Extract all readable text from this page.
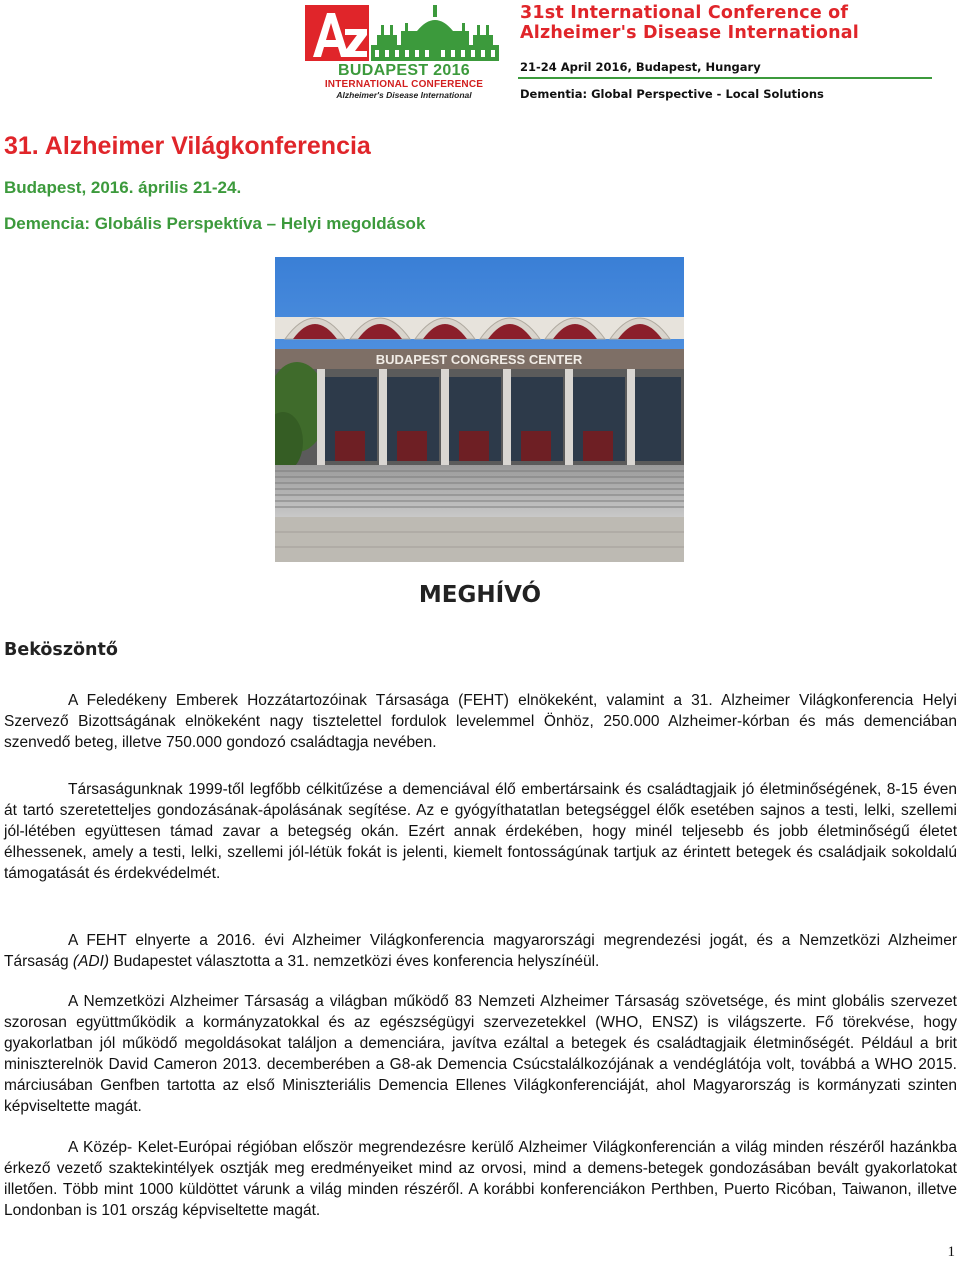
BUDAPEST 2016
INTERNATIONAL CONFERENCE
Alzheimer's Disease International
31st International Conference of
Alzheimer's Disease International
21-24 April 2016, Budapest, Hungary
Dementia: Global Perspective - Local Solutions
31. Alzheimer Világkonferencia
Budapest, 2016. április 21-24.
Demencia: Globális Perspektíva – Helyi megoldások
BUDAPEST CONGRESS CENTER
MEGHÍVÓ
Beköszöntő

A Feledékeny Emberek Hozzátartozóinak Társasága (FEHT) elnökeként, valamint a 31. Alzheimer Világkonferencia Helyi Szervező Bizottságának elnökeként nagy tisztelettel fordulok levelemmel Önhöz, 250.000 Alzheimer-kórban és más demenciában szenvedő beteg, illetve 750.000 gondozó családtagja nevében.

Társaságunknak 1999-től legfőbb célkitűzése a demenciával élő embertársaink és családtagjaik jó életminőségének, 8-15 éven át tartó szeretetteljes gondozásának-ápolásának segítése. Az e gyógyíthatatlan betegséggel élők esetében sajnos a testi, lelki, szellemi jól-létében együttesen támad zavar a betegség okán. Ezért annak érdekében, hogy minél teljesebb és jobb életminőségű életet élhessenek, amely a testi, lelki, szellemi jól-létük fokát is jelenti, kiemelt fontosságúnak tartjuk az érintett betegek és családjaik sokoldalú támogatását és érdekvédelmét.

A FEHT elnyerte a 2016. évi Alzheimer Világkonferencia magyarországi megrendezési jogát, és a Nemzetközi Alzheimer Társaság (ADI) Budapestet választotta a 31. nemzetközi éves konferencia helyszínéül.

A Nemzetközi Alzheimer Társaság a világban működő 83 Nemzeti Alzheimer Társaság szövetsége, és mint globális szervezet szorosan együttműködik a kormányzatokkal és az egészségügyi szervezetekkel (WHO, ENSZ) is világszerte. Fő törekvése, hogy gyakorlatban jól működő megoldásokat találjon a demenciára, javítva ezáltal a betegek és családtagjaik életminőségét. Például a brit miniszterelnök David Cameron 2013. decemberében a G8-ak Demencia Csúcstalálkozójának a vendéglátója volt, továbbá a WHO 2015. márciusában Genfben tartotta az első Miniszteriális Demencia Ellenes Világkonferenciáját, ahol Magyarország is kormányzati szinten képviseltette magát.

A Közép- Kelet-Európai régióban először megrendezésre kerülő Alzheimer Világkonferencián a világ minden részéről hazánkba érkező vezető szaktekintélyek osztják meg eredményeiket mind az orvosi, mind a demens-betegek gondozásában bevált gyakorlatokat illetően. Több mint 1000 küldöttet várunk a világ minden részéről. A korábbi konferenciákon Perthben, Puerto Ricóban, Taiwanon, illetve Londonban is 101 ország képviseltette magát.

1
